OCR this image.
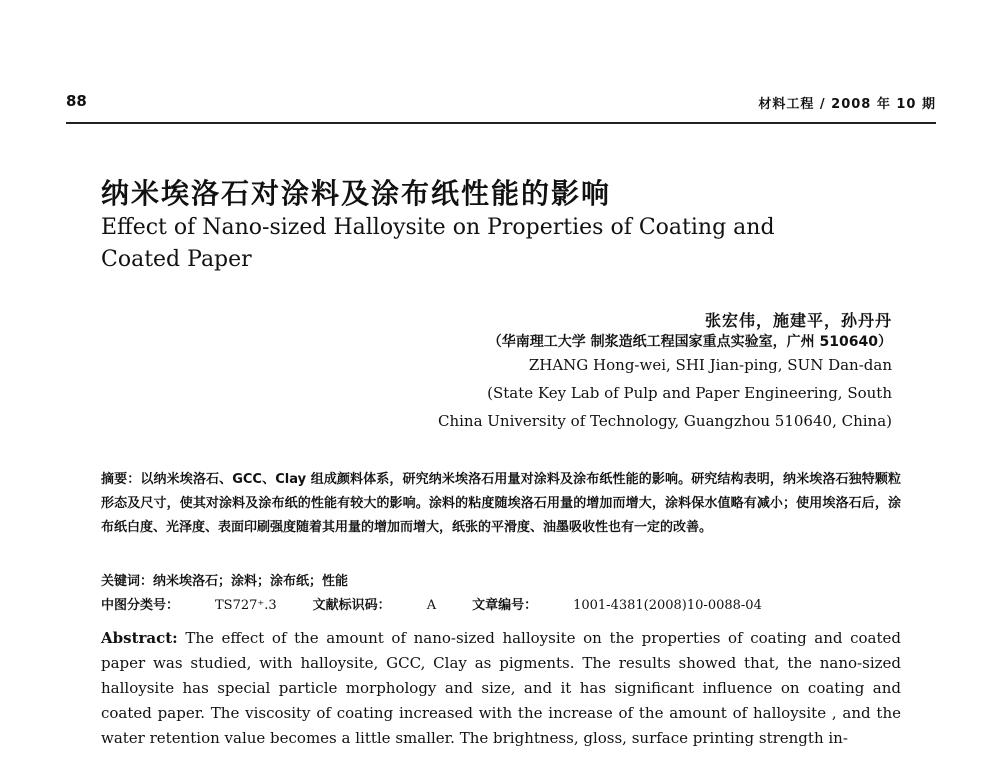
88	材料工程 / 2008 年 10 期
纳米埃洛石对涂料及涂布纸性能的影响
Effect of Nano-sized Halloysite on Properties of Coating and Coated Paper
张宏伟，施建平，孙丹丹
（华南理工大学 制浆造纸工程国家重点实验室，广州 510640）
ZHANG Hong-wei, SHI Jian-ping, SUN Dan-dan
(State Key Lab of Pulp and Paper Engineering, South
China University of Technology, Guangzhou 510640, China)
摘要：以纳米埃洛石、GCC、Clay 组成颜料体系，研究纳米埃洛石用量对涂料及涂布纸性能的影响。研究结构表明，纳米埃洛石独特颗粒形态及尺寸，使其对涂料及涂布纸的性能有较大的影响。涂料的粘度随埃洛石用量的增加而增大，涂料保水值略有减小；使用埃洛石后，涂布纸白度、光泽度、表面印刷强度随着其用量的增加而增大，纸张的平滑度、油墨吸收性也有一定的改善。
关键词：纳米埃洛石；涂料；涂布纸；性能
中图分类号：	TS727⁺.3	文献标识码：	A	文章编号：	1001-4381(2008)10-0088-04
Abstract: The effect of the amount of nano-sized halloysite on the properties of coating and coated paper was studied, with halloysite, GCC, Clay as pigments. The results showed that, the nano-sized halloysite has special particle morphology and size, and it has significant influence on coating and coated paper. The viscosity of coating increased with the increase of the amount of halloysite , and the water retention value becomes a little smaller. The brightness, gloss, surface printing strength in-
